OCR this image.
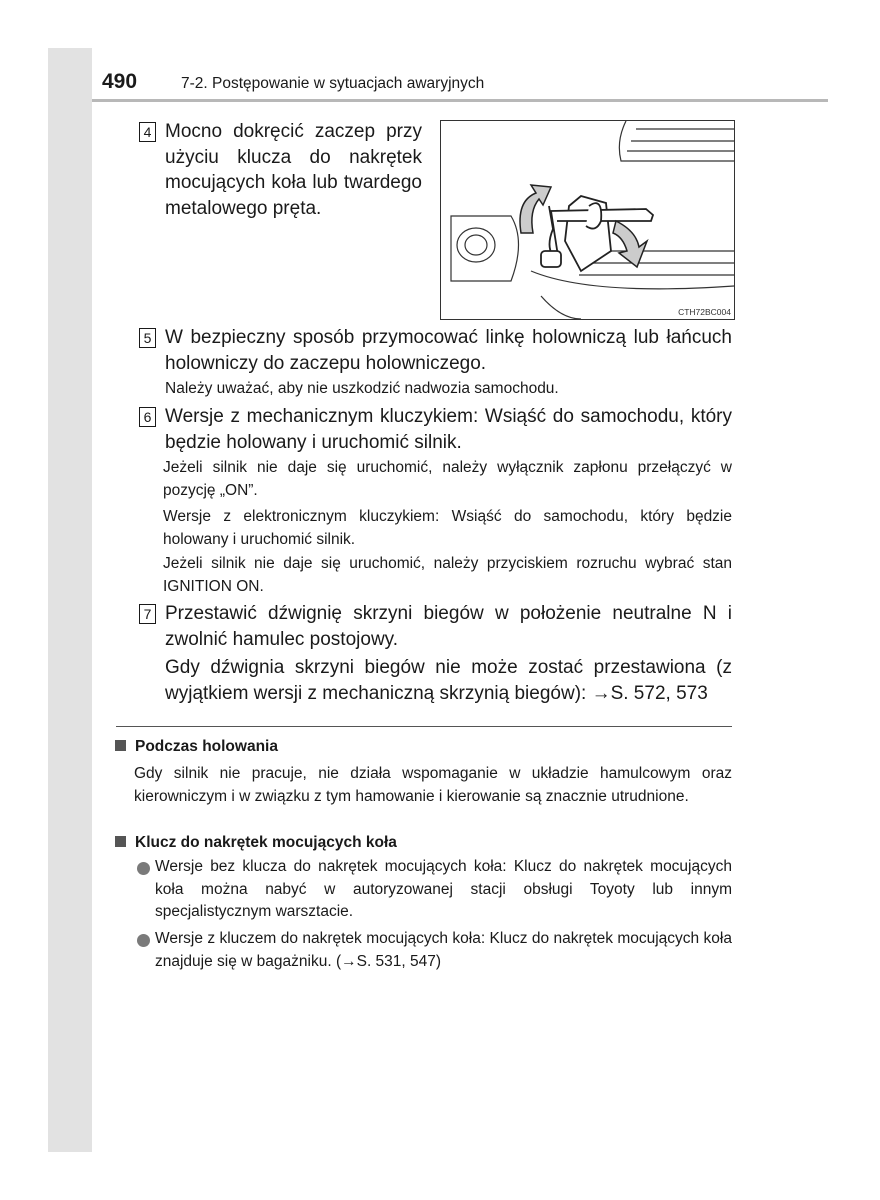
490	7-2. Postępowanie w sytuacjach awaryjnych
4 Mocno dokręcić zaczep przy użyciu klucza do nakrętek mocujących koła lub twardego metalowego pręta.
CTH72BC004
5 W bezpieczny sposób przymocować linkę holowniczą lub łańcuch holowniczy do zaczepu holowniczego.
Należy uważać, aby nie uszkodzić nadwozia samochodu.
6 Wersje z mechanicznym kluczykiem: Wsiąść do samochodu, który będzie holowany i uruchomić silnik.
Jeżeli silnik nie daje się uruchomić, należy wyłącznik zapłonu przełączyć w pozycję „ON”.
Wersje z elektronicznym kluczykiem: Wsiąść do samochodu, który będzie holowany i uruchomić silnik.
Jeżeli silnik nie daje się uruchomić, należy przyciskiem rozruchu wybrać stan IGNITION ON.
7 Przestawić dźwignię skrzyni biegów w położenie neutralne N i zwolnić hamulec postojowy.
Gdy dźwignia skrzyni biegów nie może zostać przestawiona (z wyjątkiem wersji z mechaniczną skrzynią biegów): →S. 572, 573
Podczas holowania
Gdy silnik nie pracuje, nie działa wspomaganie w układzie hamulcowym oraz kierowniczym i w związku z tym hamowanie i kierowanie są znacznie utrudnione.
Klucz do nakrętek mocujących koła
Wersje bez klucza do nakrętek mocujących koła: Klucz do nakrętek mocujących koła można nabyć w autoryzowanej stacji obsługi Toyoty lub innym specjalistycznym warsztacie.
Wersje z kluczem do nakrętek mocujących koła: Klucz do nakrętek mocujących koła znajduje się w bagażniku. (→S. 531, 547)
